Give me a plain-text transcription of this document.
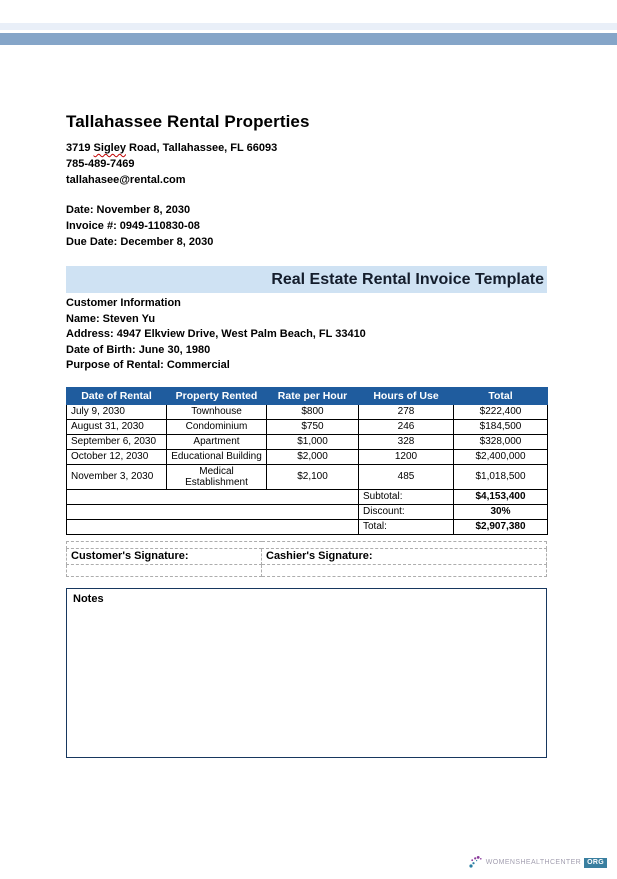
Tallahassee Rental Properties
3719 Sigley Road, Tallahassee, FL 66093
785-489-7469
tallahasee@rental.com
Date: November 8, 2030
Invoice #: 0949-110830-08
Due Date: December 8, 2030
Real Estate Rental Invoice Template
Customer Information
Name: Steven Yu
Address: 4947 Elkview Drive, West Palm Beach, FL 33410
Date of Birth: June 30, 1980
Purpose of Rental: Commercial
Date of Rental	Property Rented	Rate per Hour	Hours of Use	Total
July 9, 2030	Townhouse	$800	278	$222,400
August 31, 2030	Condominium	$750	246	$184,500
September 6, 2030	Apartment	$1,000	328	$328,000
October 12, 2030	Educational Building	$2,000	1200	$2,400,000
November 3, 2030	Medical Establishment	$2,100	485	$1,018,500
			Subtotal:	$4,153,400
			Discount:	30%
			Total:	$2,907,380

Customer's Signature:	Cashier's Signature:

Notes
WOMENSHEALTHCENTER ORG
